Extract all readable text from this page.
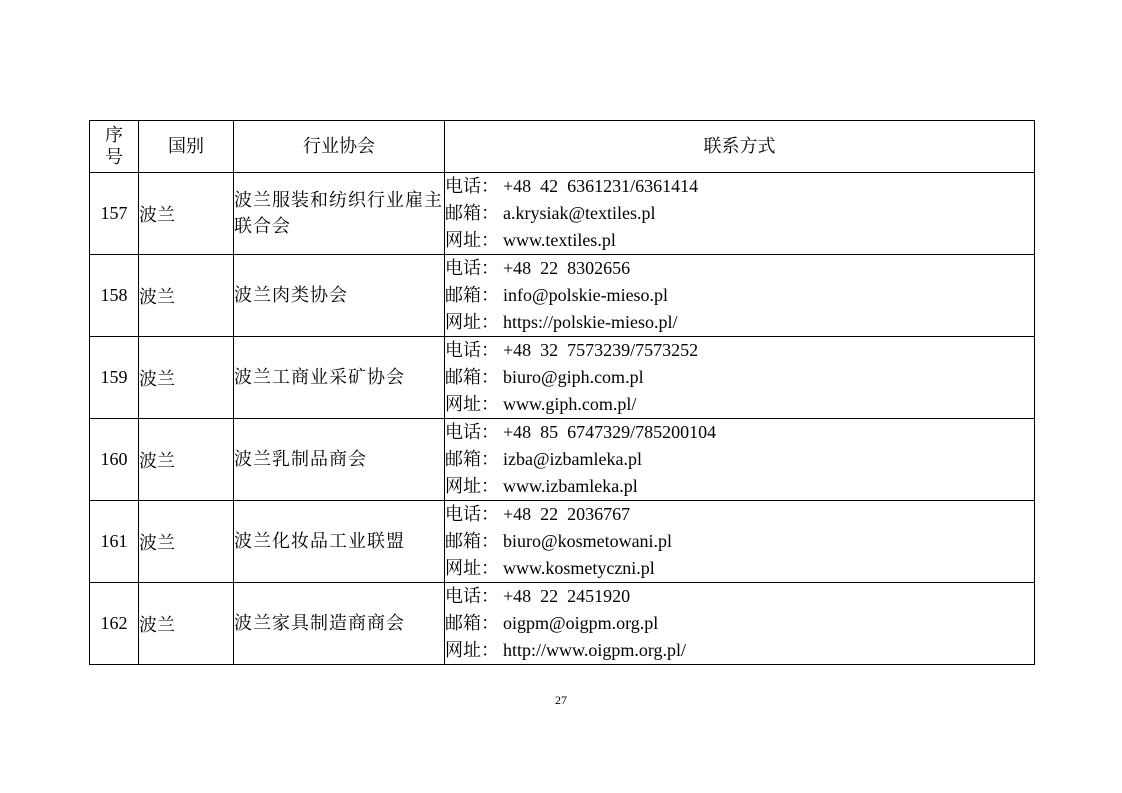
序
号	国别	行业协会	联系方式
157	波兰	波兰服装和纺织行业雇主联合会	电话： +48  42  6361231/6361414
邮箱： a.krysiak@textiles.pl
网址： www.textiles.pl

158	波兰	波兰肉类协会	电话： +48  22  8302656
邮箱： info@polskie-mieso.pl
网址： https://polskie-mieso.pl/

159	波兰	波兰工商业采矿协会	电话： +48  32  7573239/7573252
邮箱： biuro@giph.com.pl
网址： www.giph.com.pl/

160	波兰	波兰乳制品商会	电话： +48  85  6747329/785200104
邮箱： izba@izbamleka.pl
网址： www.izbamleka.pl

161	波兰	波兰化妆品工业联盟	电话： +48  22  2036767
邮箱： biuro@kosmetowani.pl
网址： www.kosmetyczni.pl

162	波兰	波兰家具制造商商会	电话： +48  22  2451920
邮箱： oigpm@oigpm.org.pl
网址： http://www.oigpm.org.pl/
27
